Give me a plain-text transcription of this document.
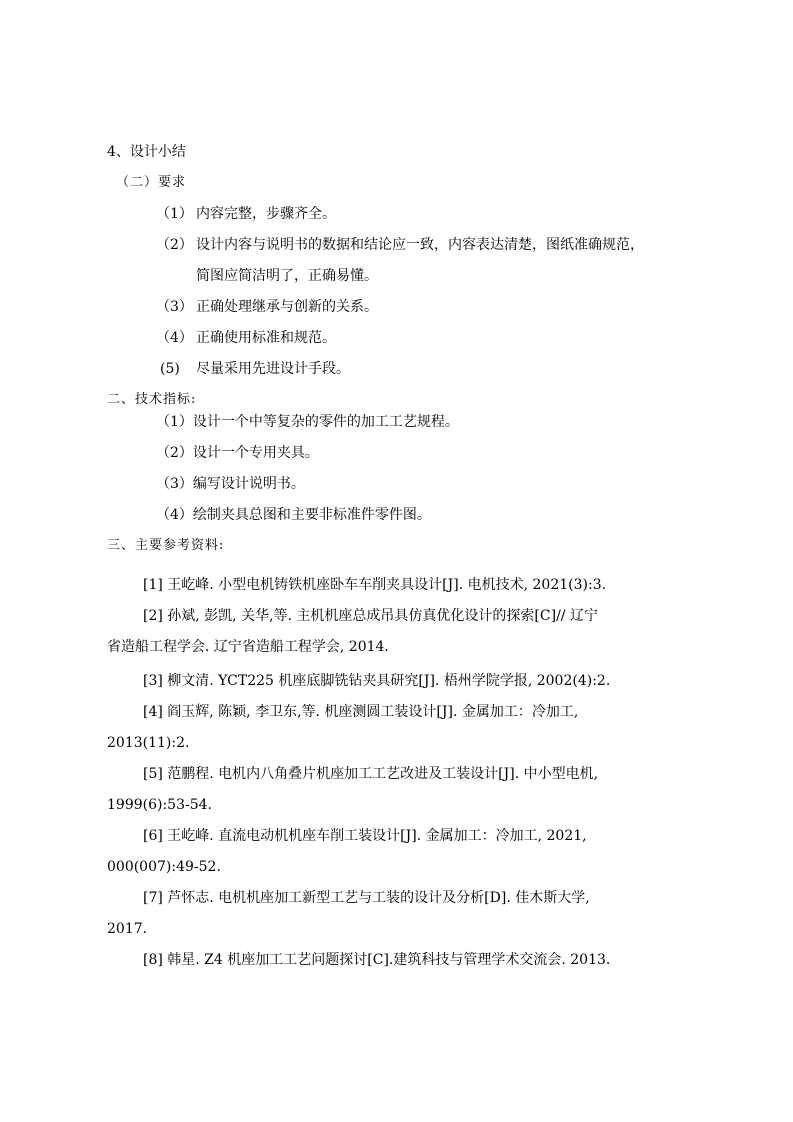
4、设计小结
（二）要求
（1） 内容完整，步骤齐全。
（2） 设计内容与说明书的数据和结论应一致，内容表达清楚，图纸准确规范，
简图应简洁明了，正确易懂。
（3） 正确处理继承与创新的关系。
（4） 正确使用标准和规范。
(5) 尽量采用先进设计手段。
二、技术指标:
（1）设计一个中等复杂的零件的加工工艺规程。
（2）设计一个专用夹具。
（3）编写设计说明书。
（4）绘制夹具总图和主要非标准件零件图。
三、主要参考资料:
[1] 王屹峰. 小型电机铸铁机座卧车车削夹具设计[J]. 电机技术, 2021(3):3.
[2] 孙斌, 彭凯, 关华,等. 主机机座总成吊具仿真优化设计的探索[C]// 辽宁
省造船工程学会. 辽宁省造船工程学会, 2014.
[3] 柳文清. YCT225 机座底脚铣钻夹具研究[J]. 梧州学院学报, 2002(4):2.
[4] 阎玉辉, 陈颖, 李卫东,等. 机座测圆工装设计[J]. 金属加工：冷加工,
2013(11):2.
[5] 范鹏程. 电机内八角叠片机座加工工艺改进及工装设计[J]. 中小型电机,
1999(6):53-54.
[6] 王屹峰. 直流电动机机座车削工装设计[J]. 金属加工：冷加工, 2021,
000(007):49-52.
[7] 芦怀志. 电机机座加工新型工艺与工装的设计及分析[D]. 佳木斯大学,
2017.
[8] 韩星. Z4 机座加工工艺问题探讨[C].建筑科技与管理学术交流会. 2013.
